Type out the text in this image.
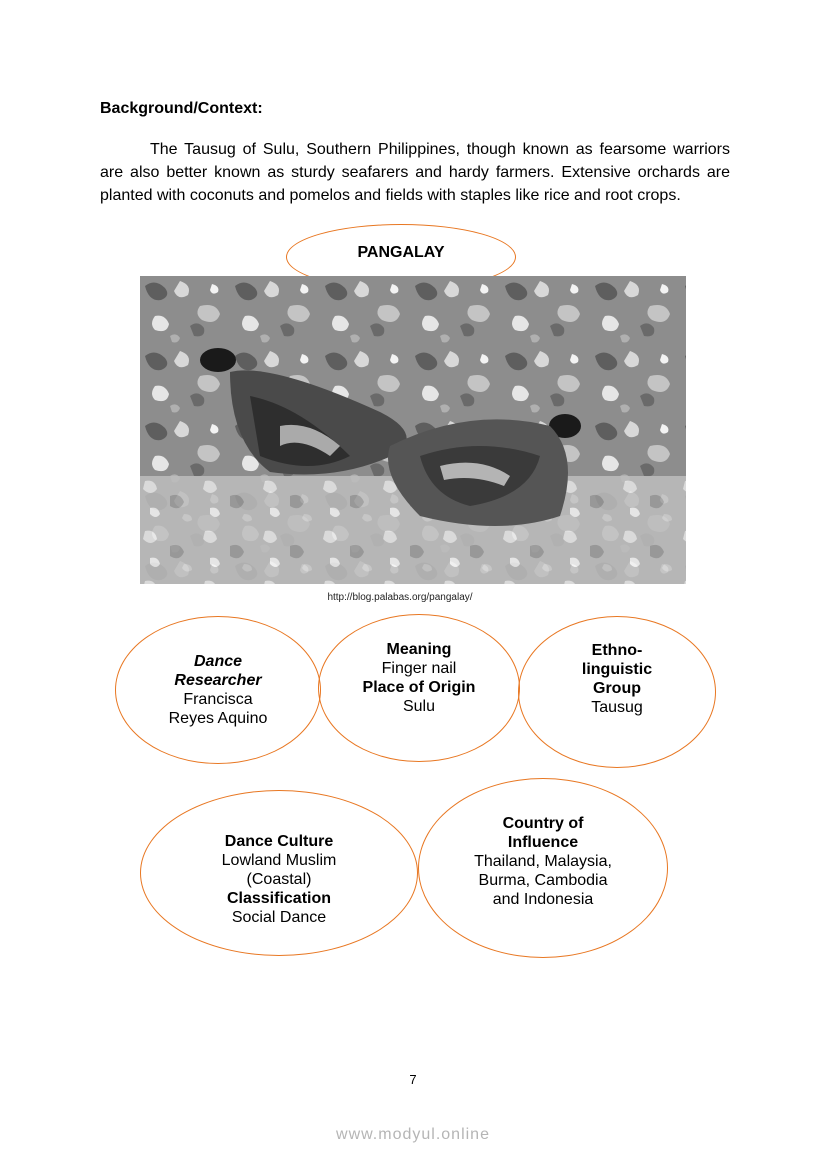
Background/Context:

The Tausug of Sulu, Southern Philippines, though known as fearsome warriors are also better known as sturdy seafarers and hardy farmers. Extensive orchards are planted with coconuts and pomelos and fields with staples like rice and root crops.

PANGALAY
http://blog.palabas.org/pangalay/
Dance
Researcher
Francisca
Reyes Aquino
Meaning
Finger nail
Place of Origin
Sulu
Ethno-
linguistic
Group
Tausug
Dance Culture
Lowland Muslim
(Coastal)
Classification
Social Dance
Country of
Influence
Thailand, Malaysia,
Burma, Cambodia
and Indonesia
7
www.modyul.online
